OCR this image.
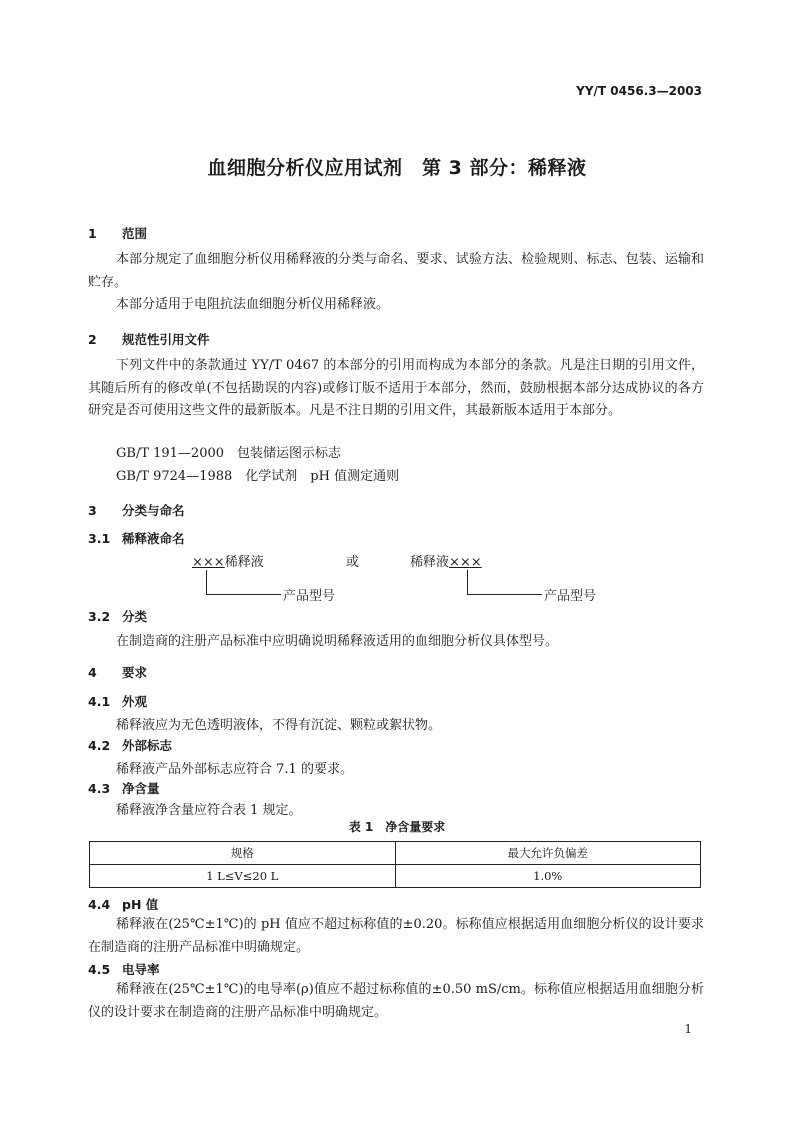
YY/T 0456.3—2003
血细胞分析仪应用试剂　第 3 部分：稀释液
1 范围
本部分规定了血细胞分析仪用稀释液的分类与命名、要求、试验方法、检验规则、标志、包装、运输和贮存。
本部分适用于电阻抗法血细胞分析仪用稀释液。
2 规范性引用文件
下列文件中的条款通过 YY/T 0467 的本部分的引用而构成为本部分的条款。凡是注日期的引用文件，其随后所有的修改单(不包括勘误的内容)或修订版不适用于本部分，然而，鼓励根据本部分达成协议的各方研究是否可使用这些文件的最新版本。凡是不注日期的引用文件，其最新版本适用于本部分。
GB/T 191—2000　包装储运图示标志
GB/T 9724—1988　化学试剂　pH 值测定通则
3 分类与命名
3.1 稀释液命名
×××稀释液
产品型号
或	稀释液×××
产品型号
3.2 分类
在制造商的注册产品标准中应明确说明稀释液适用的血细胞分析仪具体型号。
4 要求
4.1 外观
稀释液应为无色透明液体，不得有沉淀、颗粒或絮状物。
4.2 外部标志
稀释液产品外部标志应符合 7.1 的要求。
4.3 净含量
稀释液净含量应符合表 1 规定。
表 1　净含量要求
规格	最大允许负偏差
1 L≤V≤20 L	1.0%
4.4 pH 值
稀释液在(25℃±1℃)的 pH 值应不超过标称值的±0.20。标称值应根据适用血细胞分析仪的设计要求在制造商的注册产品标准中明确规定。
4.5 电导率
稀释液在(25℃±1℃)的电导率(ρ)值应不超过标称值的±0.50 mS/cm。标称值应根据适用血细胞分析仪的设计要求在制造商的注册产品标准中明确规定。
1
